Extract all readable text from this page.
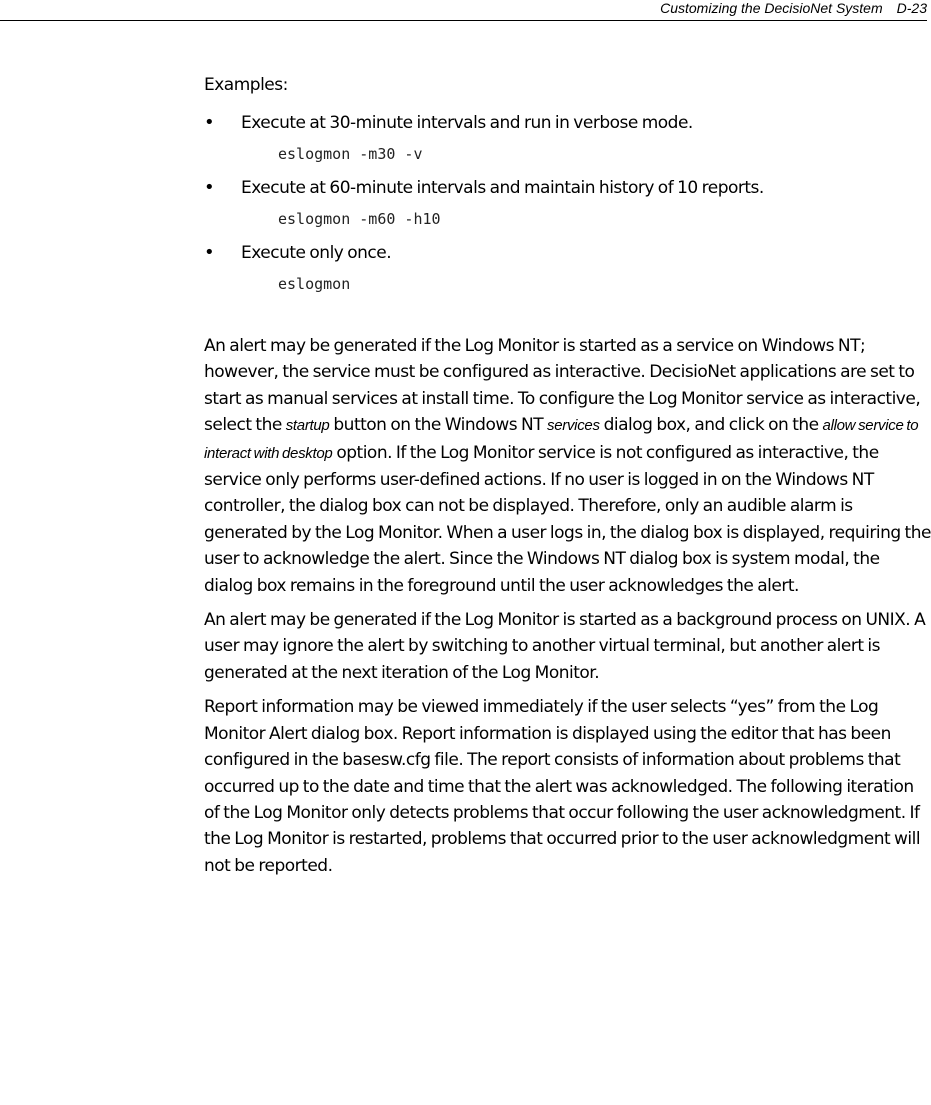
Customizing the DecisioNet System D-23
Examples:
• Execute at 30-minute intervals and run in verbose mode.
eslogmon -m30 -v
• Execute at 60-minute intervals and maintain history of 10 reports.
eslogmon -m60 -h10
• Execute only once.
eslogmon

An alert may be generated if the Log Monitor is started as a service on Windows NT; however, the service must be configured as interactive. DecisioNet applications are set to start as manual services at install time. To configure the Log Monitor service as interactive, select the startup button on the Windows NT services dialog box, and click on the allow service to interact with desktop option. If the Log Monitor service is not configured as interactive, the service only performs user-defined actions. If no user is logged in on the Windows NT controller, the dialog box can not be displayed. Therefore, only an audible alarm is generated by the Log Monitor. When a user logs in, the dialog box is displayed, requiring the user to acknowledge the alert. Since the Windows NT dialog box is system modal, the dialog box remains in the foreground until the user acknowledges the alert.

An alert may be generated if the Log Monitor is started as a background process on UNIX. A user may ignore the alert by switching to another virtual terminal, but another alert is generated at the next iteration of the Log Monitor.

Report information may be viewed immediately if the user selects “yes” from the Log Monitor Alert dialog box. Report information is displayed using the editor that has been configured in the basesw.cfg file. The report consists of information about problems that occurred up to the date and time that the alert was acknowledged. The following iteration of the Log Monitor only detects problems that occur following the user acknowledgment. If the Log Monitor is restarted, problems that occurred prior to the user acknowledgment will not be reported.
